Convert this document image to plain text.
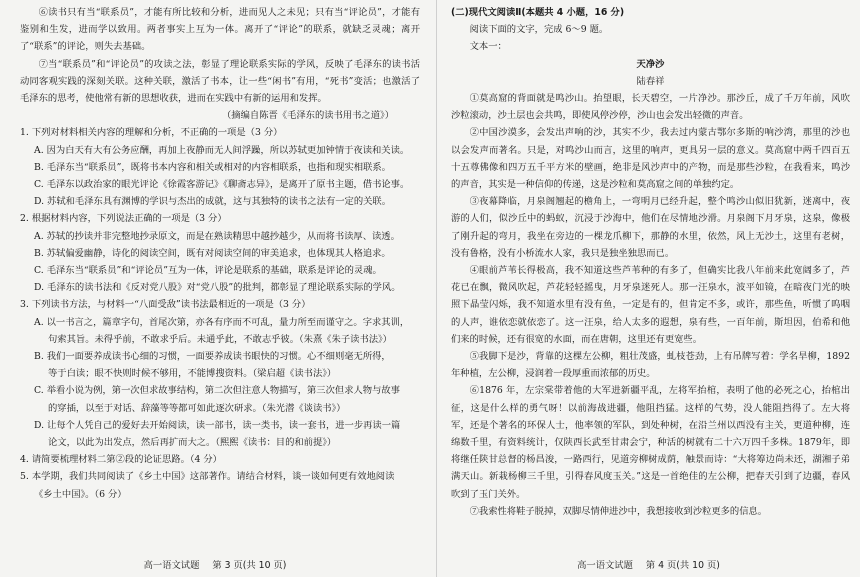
⑥读书只有当“联系员”，才能有所比较和分析，进而见人之未见；只有当“评论员”，才能有鉴别和生发，进而学以致用。两者事实上互为一体。离开了“评论”的联系，就缺乏灵魂；离开了“联系”的评论，则失去基础。

⑦当“联系员”和“评论员”的攻读之法，彰显了理论联系实际的学风，反映了毛泽东的读书活动同客观实践的深刻关联。这种关联，激活了书本，让一些“闲书”有用，“死书”变活；也激活了毛泽东的思考，使他常有新的思想收获，进而在实践中有新的运用和发挥。

（摘编自陈晋《毛泽东的读书用书之道》）

1. 下列对材料相关内容的理解和分析，不正确的一项是（3 分）

A. 因为白天有大有公务应酬，再加上夜静而无人间浮躁，所以苏轼更加钟情于夜读和关读。

B. 毛泽东当“联系员”，既将书本内容和相关或相对的内容相联系，也指和现实相联系。

C. 毛泽东以政治家的眼光评论《徐霞客游记》《聊斋志异》，是离开了原书主题，借书论事。

D. 苏轼和毛泽东具有渊博的学识与杰出的成就，这与其独特的读书之法有一定的关联。

2. 根据材料内容，下列说法正确的一项是（3 分）

A. 苏轼的抄读并非完整地抄录原文，而是在熟读精思中越抄越少，从而将书读厚、读透。

B. 苏轼偏爱幽静，诗化的阅读空间，既有对阅读空间的审美追求，也体现其人格追求。

C. 毛泽东当“联系员”和“评论员”互为一体，评论是联系的基础，联系是评论的灵魂。

D. 毛泽东的读书法和《反对党八股》对“党八股”的批判，都彰显了理论联系实际的学风。

3. 下列读书方法，与材料一“八面受敌”读书法最相近的一项是（3 分）

A. 以一书言之，篇章字句，首尾次第，亦各有序而不可乱，量力所至而谨守之。字求其训，

句索其旨。未得乎前，不敢求乎后。未通乎此，不敢志乎彼。（朱熹《朱子读书法》）

B. 我们一面要养成读书心细的习惯，一面要养成读书眼快的习惯。心不细则毫无所得，

等于白读；眼不快则时候不够用，不能博搜资料。（梁启超《读书法》）

C. 举看小说为例，第一次但求故事结构，第二次但注意人物描写，第三次但求人物与故事

的穿插，以至于对话、辞藻等等都可如此逐次研求。（朱光潜《谈读书》）

D. 让每个人凭自己的爱好去开始阅读，读一部书，读一类书，读一套书，进一步再读一篇

论文，以此为出发点，然后再扩而大之。（熙熙《读书：目的和前提》）

4. 请简要梳理材料二第②段的论证思路。（4 分）

5. 本学期，我们共同阅读了《乡土中国》这部著作。请结合材料，谈一谈如何更有效地阅读

《乡土中国》。（6 分）

高一语文试题 第 3 页(共 10 页)

(二)现代文阅读Ⅱ(本题共 4 小题，16 分)

阅读下面的文字，完成 6～9 题。

文本一：

天净沙

陆春祥

①莫高窟的背面就是鸣沙山。抬望眼，长天碧空，一片净沙。那沙丘，成了千万年前，风吹沙粒滚动，沙土层也会共鸣，即使风停沙停，沙山也会发出轻微的声音。

②中国沙漠多，会发出声响的沙，其实不少，我去过内蒙古鄂尔多斯的响沙湾，那里的沙也以会发声而著名。只是，对鸣沙山而言，这里的响声，更具另一层的意义。莫高窟中两千四百五十五尊佛像和四万五千平方米的壁画，绝非是风沙声中的产物，而是那些沙粒，在我看来，鸣沙的声音，其实是一种信仰的传递，这是沙粒和莫高窟之间的单独约定。

③夜幕降临，月泉阁翘起的檐角上，一弯明月已经升起，整个鸣沙山似旧犹新，迷离中，夜游的人们，似沙丘中的蚂蚁，沉浸于沙海中，他们在尽情地沙滑。月泉阁下月牙泉，这泉，像极了刚升起的弯月，我坐在旁边的一棵龙爪柳下，那静的水里，依然，风上无沙土，这里有老树，没有鲁格，没有小桥流水人家，我只是独坐独思而已。

④眼前芦苇长得极高，我不知道这些芦苇种的有多了，但确实比我八年前来此宽阔多了，芦花已在飘，微风吹起，芦花轻轻摇曳，月牙泉迷死人。那一汪泉水，波平如镜，在暗夜门光的映照下晶莹闪烁，我不知道水里有没有鱼，一定是有的，但肯定不多，或许，那些鱼，听惯了呜咽的人声，谁依恋就依恋了。这一汪泉，给人太多的遐想，泉有些，一百年前，斯坦因，伯希和他们来的时候，还有很宽的水面，而在唐朝，这里还有更宽些。

⑤我脚下是沙，背靠的这棵左公柳，粗壮茂盛，虬枝苍劲，上有吊牌写着：学名旱柳，1892 年种植，左公柳，浸润着一段厚重而浓郁的历史。

⑥1876 年，左宗棠带着他的大军进新疆平乱，左将军抬棺，表明了他的必死之心，抬棺出征，这是什么样的勇气呀！以前海战进疆，他阻挡猛。这样的气势，没人能阻挡得了。左大将军，还是个著名的环保人士，他率领的军队，到处种树，在沿兰州以西没有主关，更道种柳，连绵数千里，有资料统计，仅陕西长武至甘肃会宁，种活的树就有二十六万四千多株。1879年，即将继任陕甘总督的杨昌浚，一路西行，见道旁柳树成荫，触景而诗：“大将筹边尚未还，湖湘子弟满天山。新栽杨柳三千里，引得春风度玉关。”这是一首绝佳的左公柳，把春天引到了边疆，春风吹到了玉门关外。

⑦我索性将鞋子脱掉，双脚尽情伸进沙中，我想接收到沙粒更多的信息。

高一语文试题 第 4 页(共 10 页)
